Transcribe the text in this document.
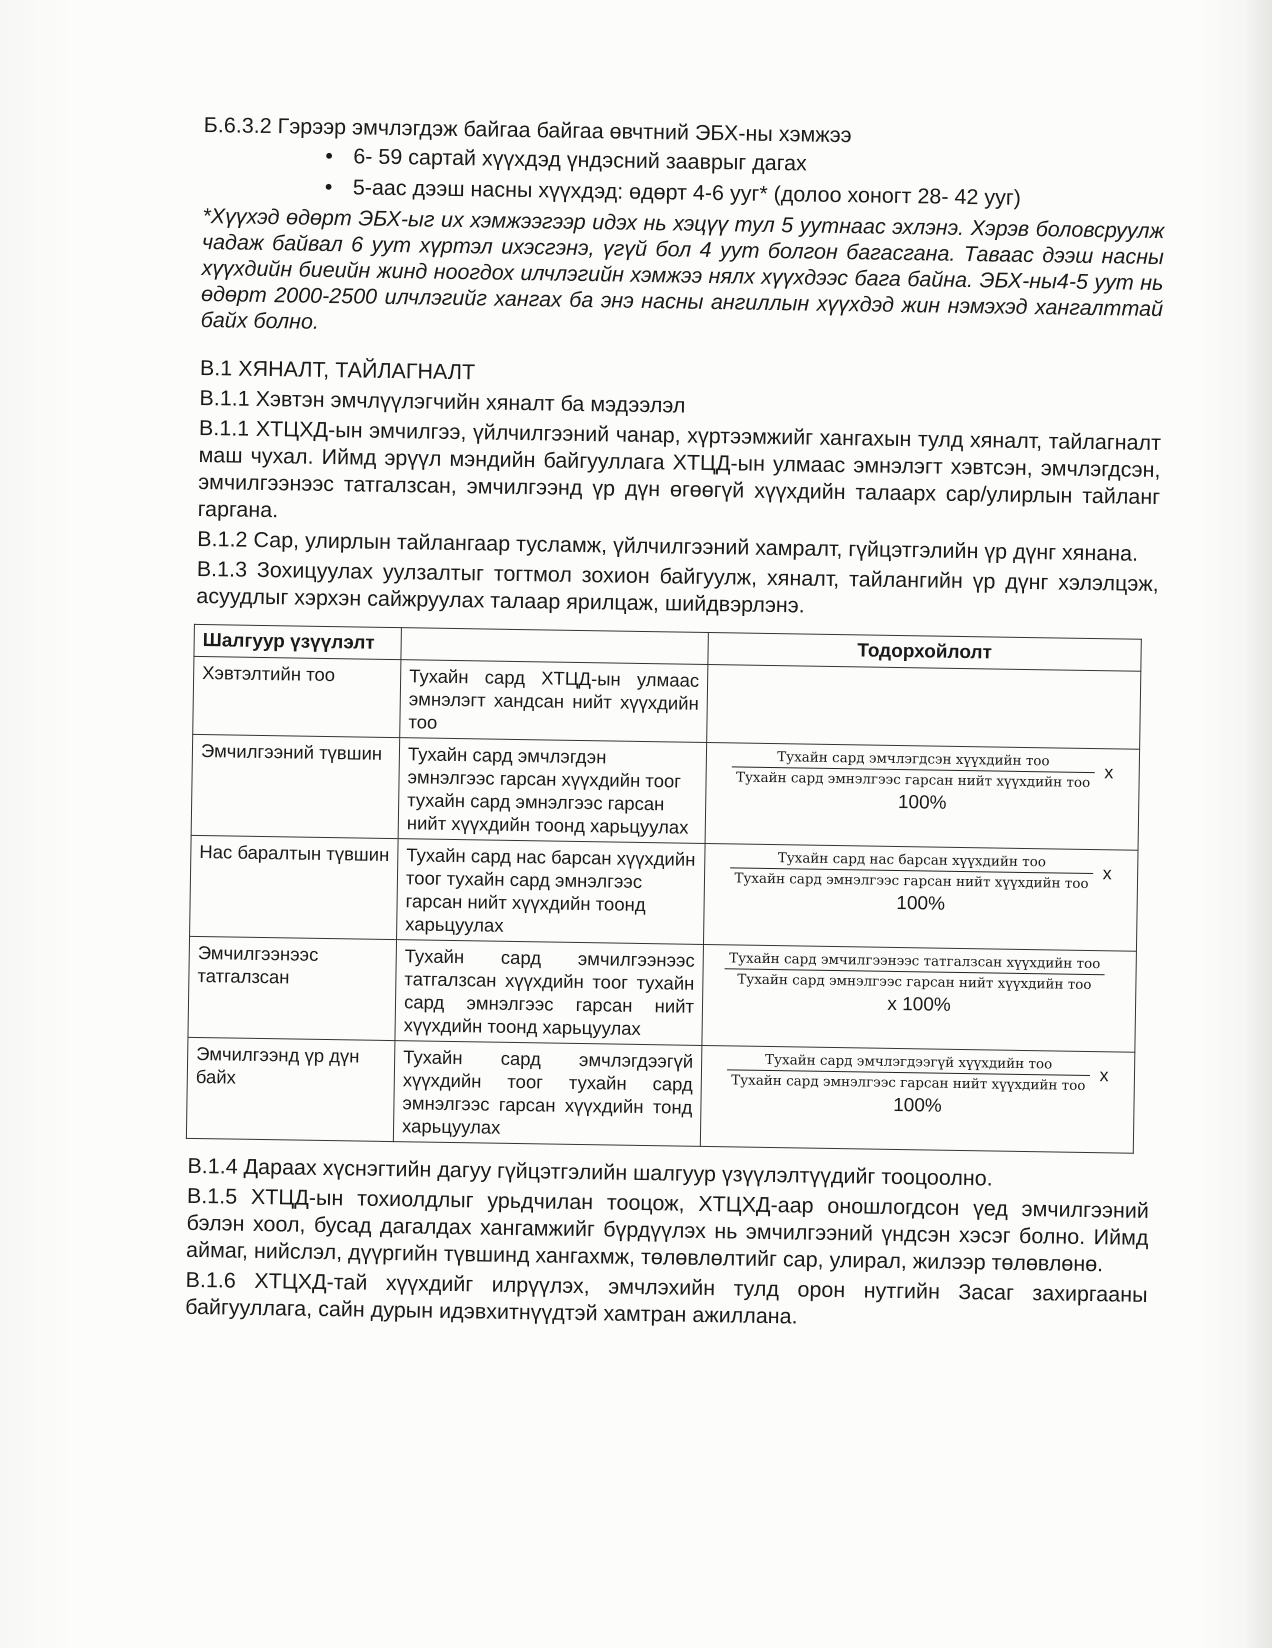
Б.6.3.2 Гэрээр эмчлэгдэж байгаа байгаа өвчтний ЭБХ-ны хэмжээ

• 6- 59 сартай хүүхдэд үндэсний зааврыг дагах
• 5-аас дээш насны хүүхдэд: өдөрт 4-6 ууг* (долоо хоногт 28- 42 ууг)

*Хүүхэд өдөрт ЭБХ-ыг их хэмжээгээр идэх нь хэцүү тул 5 уутнаас эхлэнэ. Хэрэв боловсруулж чадаж байвал 6 уут хүртэл ихэсгэнэ, үгүй бол 4 уут болгон багасгана. Таваас дээш насны хүүхдийн биеийн жинд ноогдох илчлэгийн хэмжээ нялх хүүхдээс бага байна. ЭБХ-ны4-5 уут нь өдөрт 2000-2500 илчлэгийг хангах ба энэ насны ангиллын хүүхдэд жин нэмэхэд хангалттай байх болно.

В.1 ХЯНАЛТ, ТАЙЛАГНАЛТ

В.1.1 Хэвтэн эмчлүүлэгчийн хяналт ба мэдээлэл

В.1.1 ХТЦХД-ын эмчилгээ, үйлчилгээний чанар, хүртээмжийг хангахын тулд хяналт, тайлагналт маш чухал. Иймд эрүүл мэндийн байгууллага ХТЦД-ын улмаас эмнэлэгт хэвтсэн, эмчлэгдсэн, эмчилгээнээс татгалзсан, эмчилгээнд үр дүн өгөөгүй хүүхдийн талаарх сар/улирлын тайланг гаргана.

В.1.2 Сар, улирлын тайлангаар тусламж, үйлчилгээний хамралт, гүйцэтгэлийн үр дүнг хянана.

В.1.3 Зохицуулах уулзалтыг тогтмол зохион байгуулж, хяналт, тайлангийн үр дүнг хэлэлцэж, асуудлыг хэрхэн сайжруулах талаар ярилцаж, шийдвэрлэнэ.

Шалгуур үзүүлэлт		Тодорхойлолт
Хэвтэлтийн тоо	Тухайн сард ХТЦД-ын улмаас эмнэлэгт хандсан нийт хүүхдийн тоо	
Эмчилгээний түвшин	Тухайн сард эмчлэгдэн эмнэлгээс гарсан хүүхдийн тоог тухайн сард эмнэлгээс гарсан нийт хүүхдийн тоонд харьцуулах	$\frac{\text{Тухайн сард эмчлэгдсэн хүүхдийн тоо}}{\text{Тухайн сард эмнэлгээс гарсан нийт хүүхдийн тоо}}$ x
100%

Нас баралтын түвшин	Тухайн сард нас барсан хүүхдийн тоог тухайн сард эмнэлгээс гарсан нийт хүүхдийн тоонд харьцуулах	$\frac{\text{Тухайн сард нас барсан хүүхдийн тоо}}{\text{Тухайн сард эмнэлгээс гарсан нийт хүүхдийн тоо}}$ x
100%

Эмчилгээнээс татгалзсан	Тухайн сард эмчилгээнээс татгалзсан хүүхдийн тоог тухайн сард эмнэлгээс гарсан нийт хүүхдийн тоонд харьцуулах	$\frac{\text{Тухайн сард эмчилгээнээс татгалзсан хүүхдийн тоо}}{\text{Тухайн сард эмнэлгээс гарсан нийт хүүхдийн тоо}}$
x 100%

Эмчилгээнд үр дүн байх	Тухайн сард эмчлэгдээгүй хүүхдийн тоог тухайн сард эмнэлгээс гарсан хүүхдийн тонд харьцуулах	$\frac{\text{Тухайн сард эмчлэгдээгүй хүүхдийн тоо}}{\text{Тухайн сард эмнэлгээс гарсан нийт хүүхдийн тоо}}$ x
100%

В.1.4 Дараах хүснэгтийн дагуу гүйцэтгэлийн шалгуур үзүүлэлтүүдийг тооцоолно.

В.1.5 ХТЦД-ын тохиолдлыг урьдчилан тооцож, ХТЦХД-аар оношлогдсон үед эмчилгээний бэлэн хоол, бусад дагалдах хангамжийг бүрдүүлэх нь эмчилгээний үндсэн хэсэг болно. Иймд аймаг, нийслэл, дүүргийн түвшинд хангахмж, төлөвлөлтийг сар, улирал, жилээр төлөвлөнө.

В.1.6 ХТЦХД-тай хүүхдийг илрүүлэх, эмчлэхийн тулд орон нутгийн Засаг захиргааны байгууллага, сайн дурын идэвхитнүүдтэй хамтран ажиллана.
